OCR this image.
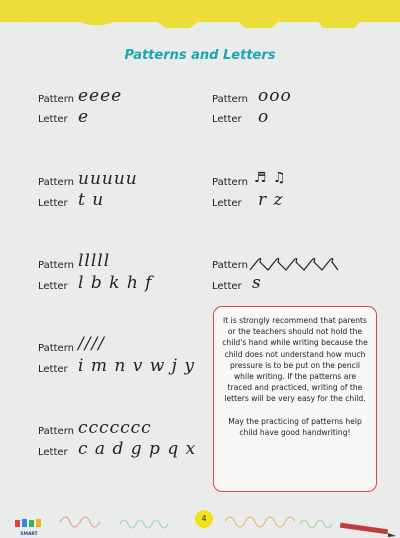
Patterns and Letters
Pattern eeee
Letter e
Pattern uuuuu
Letter t u
Pattern lllll
Letter l b k h f
Pattern ////
Letter i m n v w j y
Pattern ccccccc
Letter c a d g p q x
Pattern ooo
Letter o
Pattern ♬ ♫
Letter r z
Pattern
Letter s

It is strongly recommend that parents or the teachers should not hold the child's hand while writing because the child does not understand how much pressure is to be put on the pencil while writing. If the patterns are traced and practiced, writing of the letters will be very easy for the child.

May the practicing of patterns help child have good handwriting!

SMART
4
